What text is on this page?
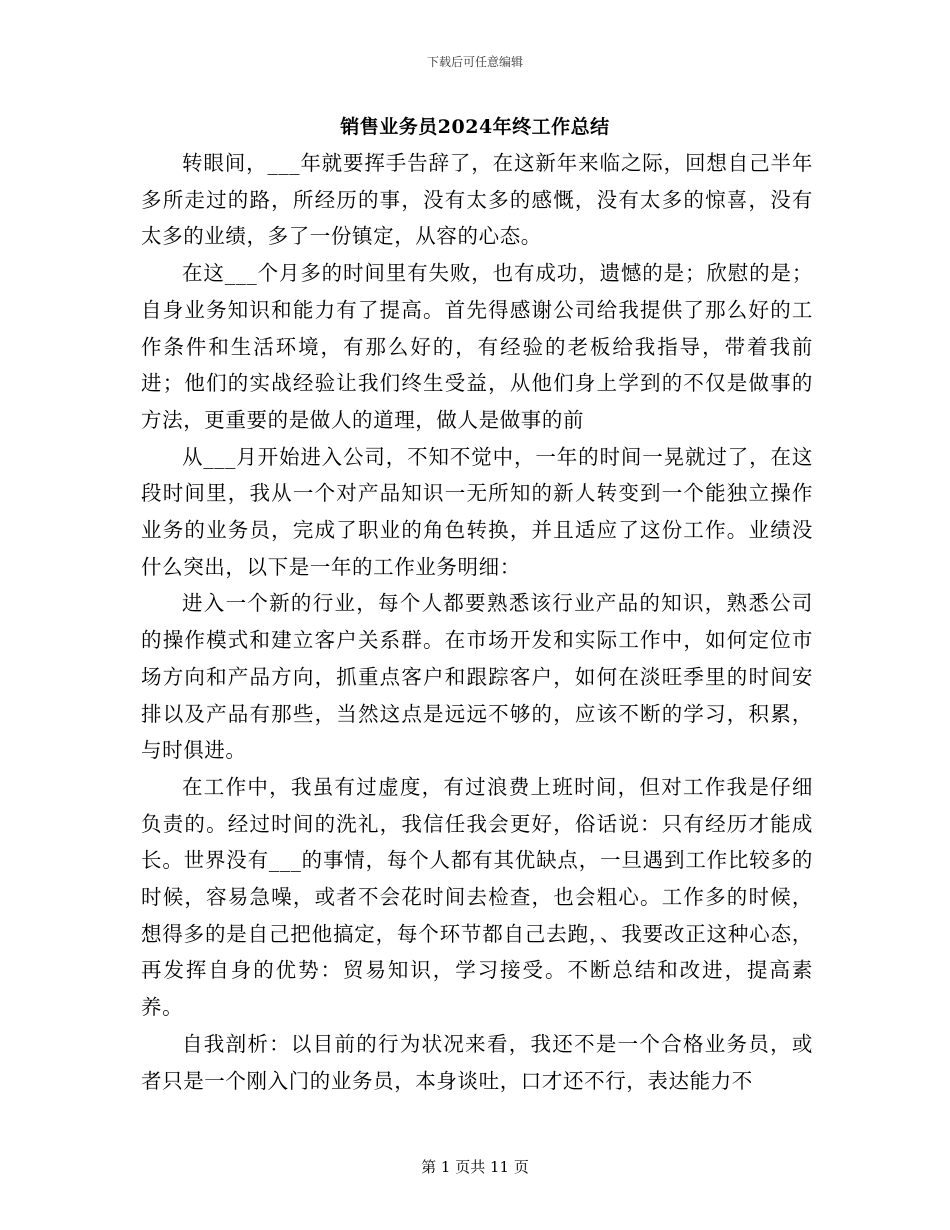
下载后可任意编辑
销售业务员2024年终工作总结

转眼间，___年就要挥手告辞了，在这新年来临之际，回想自己半年多所走过的路，所经历的事，没有太多的感慨，没有太多的惊喜，没有太多的业绩，多了一份镇定，从容的心态。

在这___个月多的时间里有失败，也有成功，遗憾的是；欣慰的是；自身业务知识和能力有了提高。首先得感谢公司给我提供了那么好的工作条件和生活环境，有那么好的，有经验的老板给我指导，带着我前进；他们的实战经验让我们终生受益，从他们身上学到的不仅是做事的方法，更重要的是做人的道理，做人是做事的前

从___月开始进入公司，不知不觉中，一年的时间一晃就过了，在这段时间里，我从一个对产品知识一无所知的新人转变到一个能独立操作业务的业务员，完成了职业的角色转换，并且适应了这份工作。业绩没什么突出，以下是一年的工作业务明细：

进入一个新的行业，每个人都要熟悉该行业产品的知识，熟悉公司的操作模式和建立客户关系群。在市场开发和实际工作中，如何定位市场方向和产品方向，抓重点客户和跟踪客户，如何在淡旺季里的时间安排以及产品有那些，当然这点是远远不够的，应该不断的学习，积累，与时俱进。

在工作中，我虽有过虚度，有过浪费上班时间，但对工作我是仔细负责的。经过时间的洗礼，我信任我会更好，俗话说：只有经历才能成长。世界没有___的事情，每个人都有其优缺点，一旦遇到工作比较多的时候，容易急噪，或者不会花时间去检查，也会粗心。工作多的时候，想得多的是自己把他搞定，每个环节都自己去跑，、我要改正这种心态，再发挥自身的优势：贸易知识，学习接受。不断总结和改进，提高素养。

自我剖析：以目前的行为状况来看，我还不是一个合格业务员，或者只是一个刚入门的业务员，本身谈吐，口才还不行，表达能力不

第 1 页共 11 页
